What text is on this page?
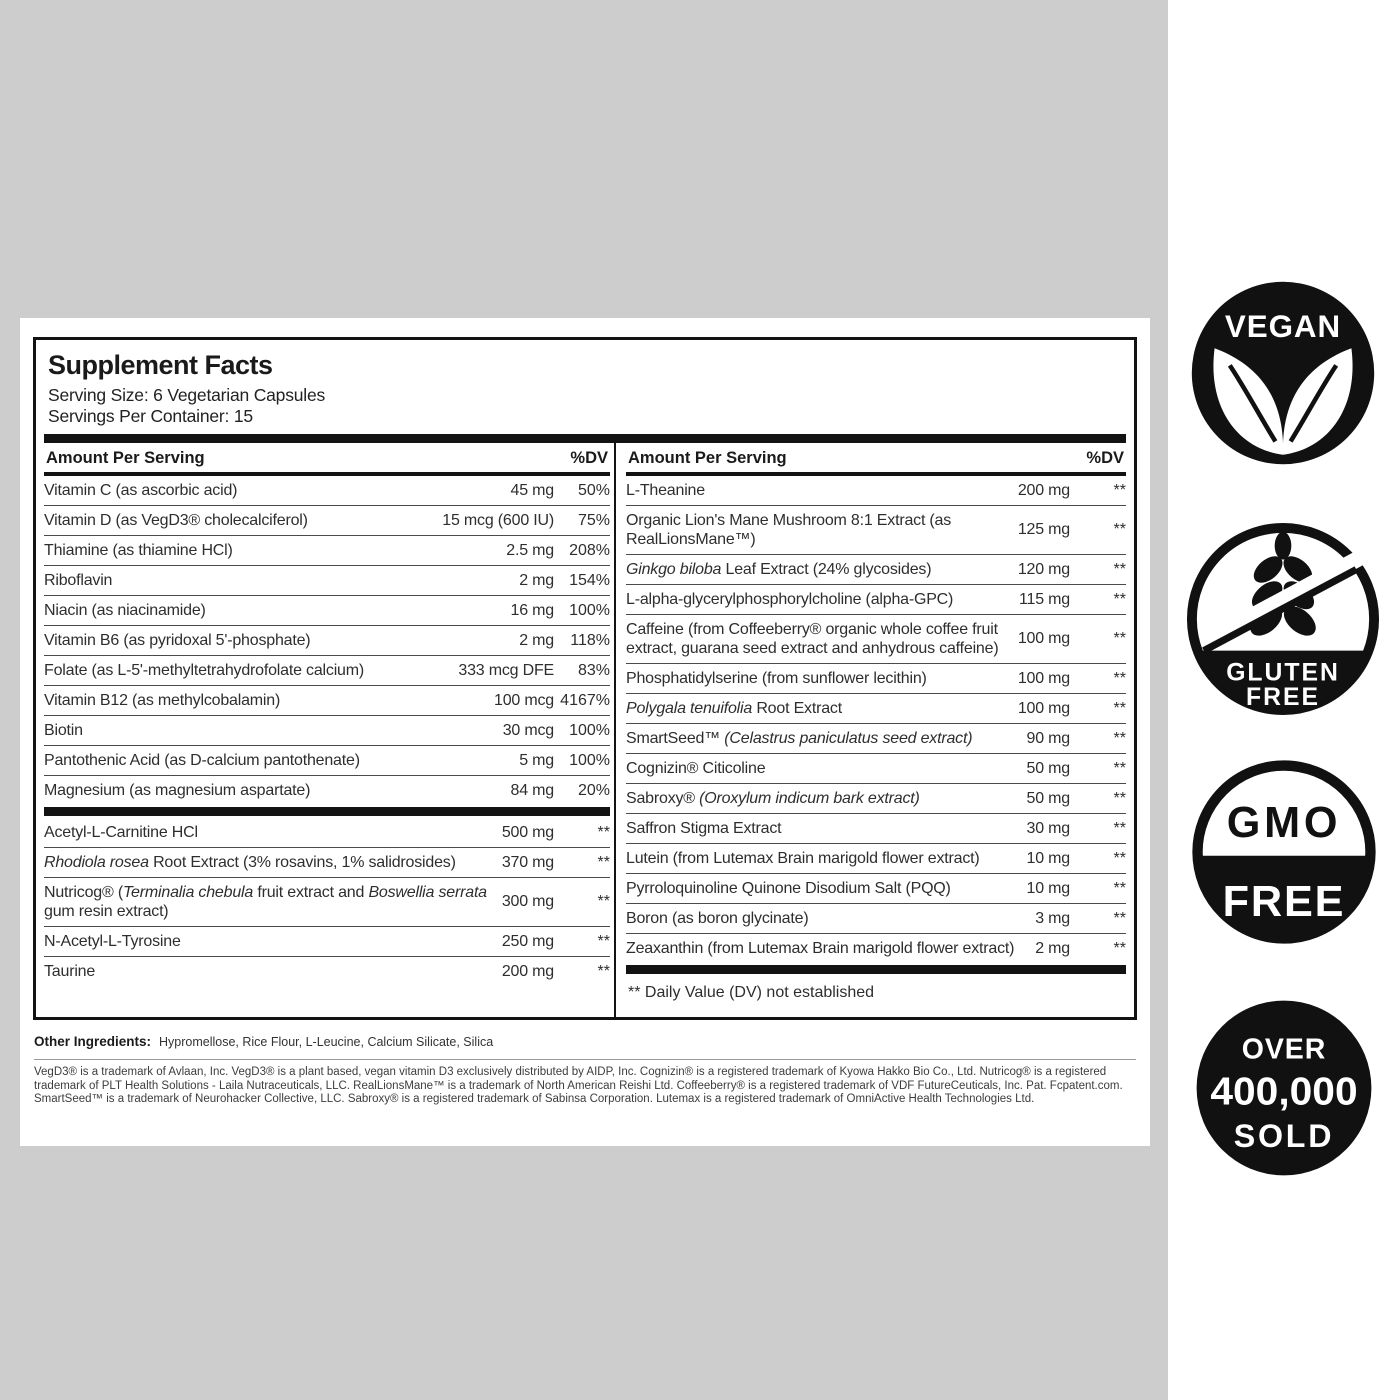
Supplement Facts
Serving Size: 6 Vegetarian Capsules
Servings Per Container: 15
Amount Per Serving	%DV
Vitamin C (as ascorbic acid)	45 mg	50%
Vitamin D (as VegD3® cholecalciferol)	15 mcg (600 IU)	75%
Thiamine (as thiamine HCl)	2.5 mg 208%
Riboflavin	2 mg 154%
Niacin (as niacinamide)	16 mg 100%
Vitamin B6 (as pyridoxal 5'-phosphate)	2 mg	118%
Folate (as L-5'-methyltetrahydrofolate calcium)	333 mcg DFE	83%
Vitamin B12 (as methylcobalamin)	100 mcg 4167%
Biotin	30 mcg 100%
Pantothenic Acid (as D-calcium pantothenate)	5 mg 100%
Magnesium (as magnesium aspartate)	84 mg	20%
Acetyl-L-Carnitine HCl	500 mg	**
Rhodiola rosea Root Extract (3% rosavins, 1% salidrosides)	370 mg	**
Nutricog® (Terminalia chebula fruit extract and Boswellia serrata gum resin extract)
300 mg	**
N-Acetyl-L-Tyrosine	250 mg	**
Taurine	200 mg	**
Amount Per Serving	%DV
L-Theanine	200 mg	**
Organic Lion's Mane Mushroom 8:1 Extract (as RealLionsMane™)
125 mg	**
Ginkgo biloba Leaf Extract (24% glycosides)	120 mg	**
L-alpha-glycerylphosphorylcholine (alpha-GPC)	115 mg	**
Caffeine (from Coffeeberry® organic whole coffee fruit extract, guarana seed extract and anhydrous caffeine)
100 mg	**
Phosphatidylserine (from sunflower lecithin)	100 mg	**
Polygala tenuifolia Root Extract	100 mg	**
SmartSeed™ (Celastrus paniculatus seed extract)	90 mg	**
Cognizin® Citicoline	50 mg	**
Sabroxy® (Oroxylum indicum bark extract)	50 mg	**
Saffron Stigma Extract	30 mg	**
Lutein (from Lutemax Brain marigold flower extract)	10 mg	**
Pyrroloquinoline Quinone Disodium Salt (PQQ)	10 mg	**
Boron (as boron glycinate)	3 mg	**
Zeaxanthin (from Lutemax Brain marigold flower extract)	2 mg	**
** Daily Value (DV) not established
Other Ingredients: Hypromellose, Rice Flour, L-Leucine, Calcium Silicate, Silica
VegD3® is a trademark of Avlaan, Inc. VegD3® is a plant based, vegan vitamin D3 exclusively distributed by AIDP, Inc. Cognizin® is a registered trademark of Kyowa Hakko Bio Co., Ltd. Nutricog® is a registered trademark of PLT Health Solutions - Laila Nutraceuticals, LLC. RealLionsMane™ is a trademark of North American Reishi Ltd. Coffeeberry® is a registered trademark of VDF FutureCeuticals, Inc. Pat. Fcpatent.com. SmartSeed™ is a trademark of Neurohacker Collective, LLC. Sabroxy® is a registered trademark of Sabinsa Corporation. Lutemax is a registered trademark of OmniActive Health Technologies Ltd.
VEGAN
GLUTEN
FREE
GMO
FREE
OVER
400,000
SOLD
